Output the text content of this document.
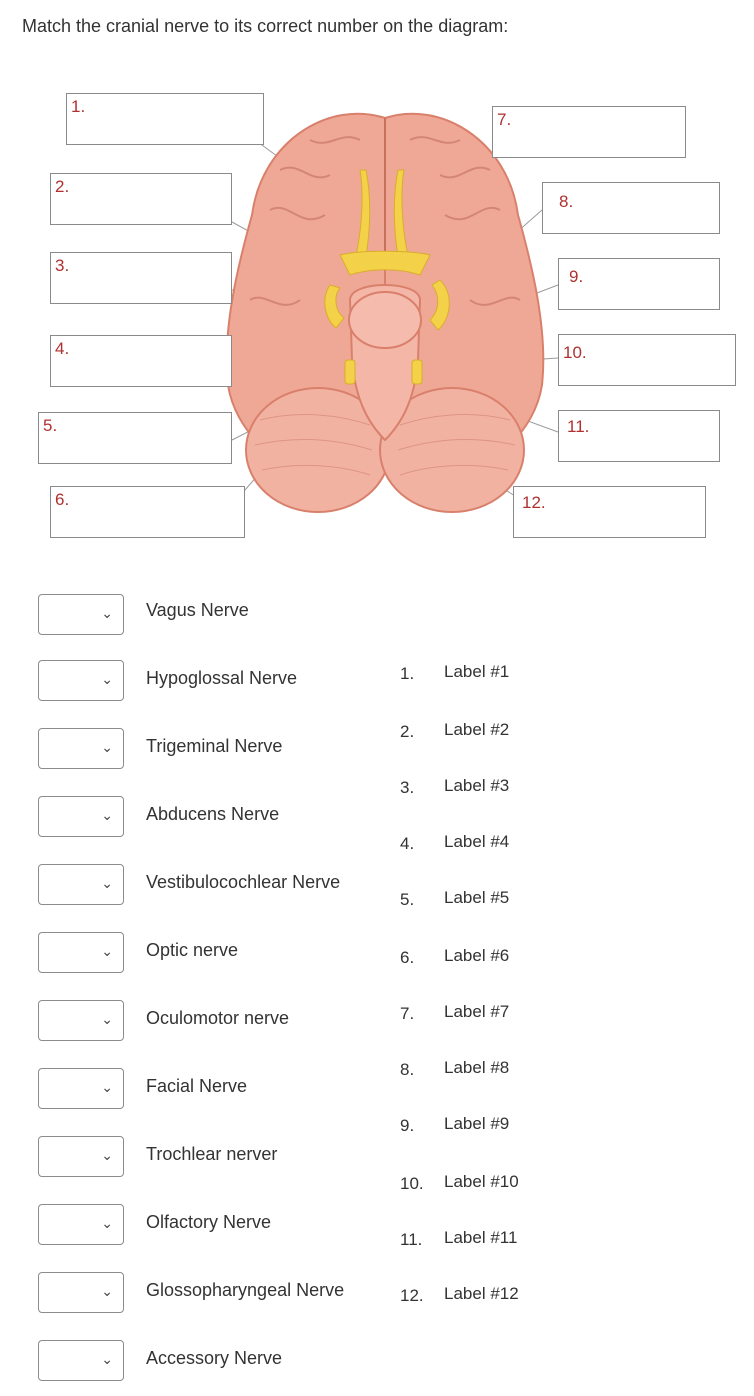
Match the cranial nerve to its correct number on the diagram:
1.
2.
3.
4.
5.
6.
7.
8.
9.
10.
11.
12.
⌄ Vagus Nerve
⌄ Hypoglossal Nerve
⌄ Trigeminal Nerve
⌄ Abducens Nerve
⌄ Vestibulocochlear Nerve
⌄ Optic nerve
⌄ Oculomotor nerve
⌄ Facial Nerve
⌄ Trochlear nerver
⌄ Olfactory Nerve
⌄ Glossopharyngeal Nerve
⌄ Accessory Nerve
1. Label #1
2. Label #2
3. Label #3
4. Label #4
5. Label #5
6. Label #6
7. Label #7
8. Label #8
9. Label #9
10. Label #10
11. Label #11
12. Label #12
